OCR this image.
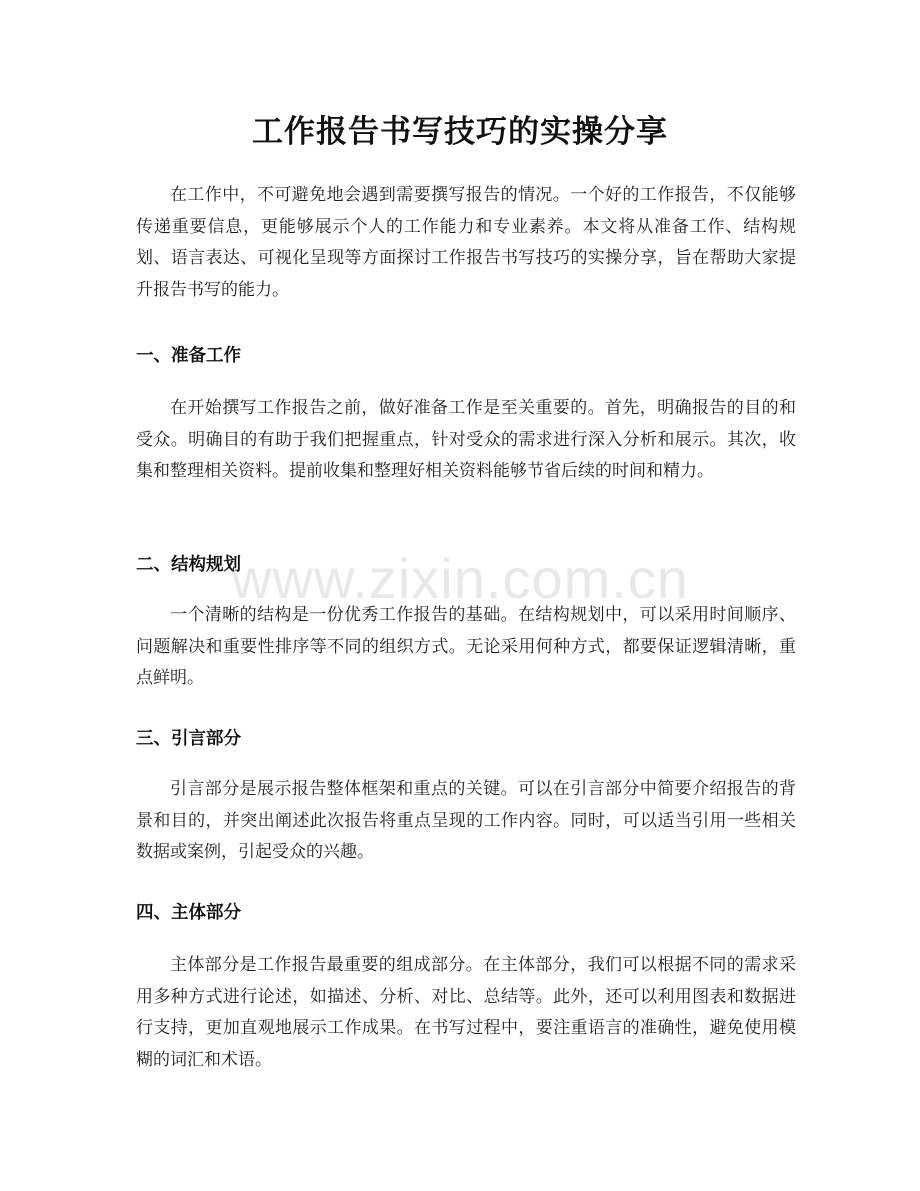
工作报告书写技巧的实操分享
在工作中，不可避免地会遇到需要撰写报告的情况。一个好的工作报告，不仅能够传递重要信息，更能够展示个人的工作能力和专业素养。本文将从准备工作、结构规划、语言表达、可视化呈现等方面探讨工作报告书写技巧的实操分享，旨在帮助大家提升报告书写的能力。
一、准备工作
在开始撰写工作报告之前，做好准备工作是至关重要的。首先，明确报告的目的和受众。明确目的有助于我们把握重点，针对受众的需求进行深入分析和展示。其次，收集和整理相关资料。提前收集和整理好相关资料能够节省后续的时间和精力。
二、结构规划
一个清晰的结构是一份优秀工作报告的基础。在结构规划中，可以采用时间顺序、问题解决和重要性排序等不同的组织方式。无论采用何种方式，都要保证逻辑清晰，重点鲜明。
三、引言部分
引言部分是展示报告整体框架和重点的关键。可以在引言部分中简要介绍报告的背景和目的，并突出阐述此次报告将重点呈现的工作内容。同时，可以适当引用一些相关数据或案例，引起受众的兴趣。
四、主体部分
主体部分是工作报告最重要的组成部分。在主体部分，我们可以根据不同的需求采用多种方式进行论述，如描述、分析、对比、总结等。此外，还可以利用图表和数据进行支持，更加直观地展示工作成果。在书写过程中，要注重语言的准确性，避免使用模糊的词汇和术语。
www.zixin.com.cn
